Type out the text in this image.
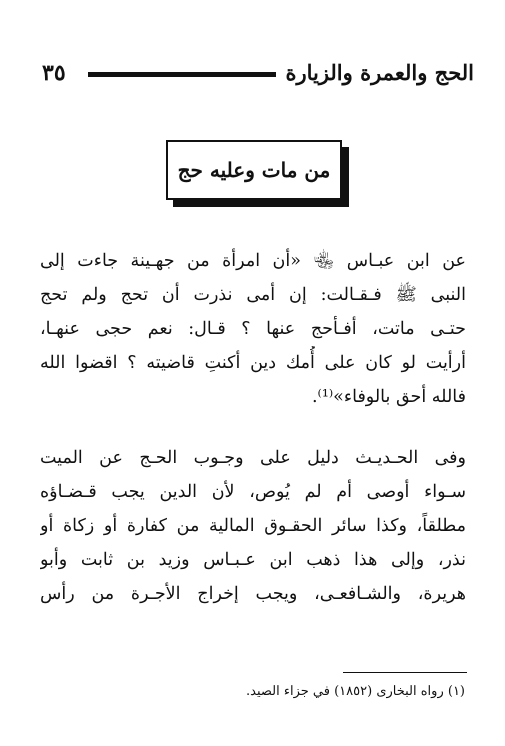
٣٥	الحج والعمرة والزيارة
من مات وعليه حج
عن ابن عبـاس ﵄ «أن امرأة من جهـينة جاءت إلى
النبى ﷺ فـقـالت: إن أمى نذرت أن تحج ولم تحج
حتـى ماتت، أفـأحج عنها ؟ قـال: نعم حجى عنهـا،
أرأيت لو كان على أُمك دين أكنتِ قاضيته ؟ اقضوا الله
فالله أحق بالوفاء»⁽¹⁾.
وفى الحـديـث دليل على وجـوب الحـج عن الميت
سـواء أوصى أم لم يُوص، لأن الدين يجب قـضـاؤه
مطلقاً، وكذا سائر الحقـوق المالية من كفارة أو زكاة أو
نذر، وإلى هذا ذهب ابن عـبـاس وزيد بن ثابت وأبو
هريرة، والشـافعـى، ويجب إخراج الأجـرة من رأس
(١) رواه البخارى (١٨٥٢) في جزاء الصيد.
